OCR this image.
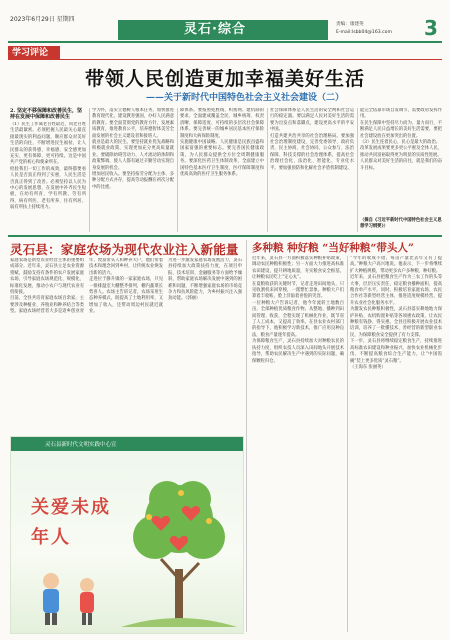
2023年6月29日 星期四
灵石·综合	责编：康建英
E-mail:lsbb04@163.com 3
学习评论
带领人民创造更加幸福美好生活
——关于新时代中国特色社会主义社会建设（二）
2. 坚定不移保障和改善民生，坚持在发展中保障和改善民生
（1）民生工作离老百姓最近，同老百姓生活最紧密。必须把握人民最关心最直接最现实的利益问题，顺应群众对美好生活的向往，不断增进民生福祉，让人民群众的获得感、幸福感、安全感更加充实、更有保障、更可持续。这是中国共产党的初心和使命所在。
检验我们一切工作的成效，最终都要看人民是否真正得到了实惠，人民生活是否真正得到了改善。必须坚持以人民为中心的发展思想，在发展中补齐民生短板，在幼有所育、学有所教、劳有所得、病有所医、老有所养、住有所居、弱有所扶上持续用力。
学为怀，落实立德树人根本任务，加快推进教育现代化，建设教育强国，办好人民满意的教育。要全面贯彻党的教育方针，发展素质教育，推进教育公平，培养德智体美劳全面发展的社会主义建设者和接班人。
就业是最大的民生。要坚持就业优先战略和积极就业政策，实现更加充分更高质量就业。要破除妨碍劳动力、人才流动的体制和政策弊端，使人人都有通过辛勤劳动实现自身发展的机会。
增加居民收入。要坚持按劳分配为主体、多种分配方式并存，提高劳动报酬在初次分配中的比重。
障体系。要按照兜底线、织密网、建机制的要求，全面建成覆盖全民、城乡统筹、权责清晰、保障适度、可持续的多层次社会保障体系。要完善统一的城乡居民基本医疗保险制度和大病保险制度。
实施健康中国战略。人民健康是民族昌盛和国家富强的重要标志。要完善国民健康政策，为人民群众提供全方位全周期健康服务。要深化医药卫生体制改革，全面建立中国特色基本医疗卫生制度、医疗保障制度和优质高效的医疗卫生服务体系。
社会保障体系是人民生活的安全网和社会运行的稳定器。要以满足人民对美好生活的需要为出发点和落脚点，建设更高水平的平安中国。
打造共建共治共享的社会治理格局。要加强社会治理制度建设，完善党委领导、政府负责、民主协商、社会协同、公众参与、法治保障、科技支撑的社会治理体系，提高社会治理社会化、法治化、智能化、专业化水平。要加强预防和化解社会矛盾机制建设。
能完全依靠市场自发调节，需要政府发挥作用。
在民生保障中坚持尽力而为、量力而行，不断满足人民日益增长的美好生活需要，要把社会建设放在更加突出的位置。
（3）民生连着民心，民心是最大的政治。
改革发展成果要更多更公平惠及全体人民，推动共同富裕取得更为明显的实质性进展。
人民群众对美好生活的向往，就是我们的奋斗目标。
（摘自《习近平新时代中国特色社会主义思想学习纲要》）
灵石县：家庭农场为现代农业注入新能量
家庭农场是新型农业经营主体的重要组成部分。近年来，灵石县立足农业资源禀赋，鼓励支持有条件的农户发展家庭农场，引导家庭农场规范化、规模化、标准化发展，推动小农户与现代农业有机衔接。
目前，全县共培育家庭农场百余家，主要涉及种植业、养殖业和种养结合等类型。家庭农场经营者大多是返乡创业青年、致富带头人和种养大户，他们带着技术和理念回到乡村，让传统农业焕发出新的活力。
走进位于静升镇的一家家庭农场，只见一排排温室大棚整齐排列，棚内蔬菜长势喜人。农场主告诉记者，农场采用生态种养模式，既提高了土地利用率，又增加了收入，还带动周边村民就近就业。
为进一步激发家庭农场发展活力，灵石县持续加大政策扶持力度，在项目申报、技术培训、金融服务等方面给予倾斜，帮助家庭农场解决发展中遇到的困难和问题，不断增强家庭农场的市场竞争力和抗风险能力，为乡村振兴注入强劲动能。（郭丽）
灵石县新时代文明实践中心宣
关爱未成年人
多种粮 种好粮 “当好种粮“带头人”
近年来，灵石县一方面积极落实种粮补贴政策，调动农民种粮积极性；另一方面大力推进高标准农田建设，提升耕地质量，夯实粮食安全根基，让种粮农民吃上“定心丸”。
在夏粮收获的关键时节，记者走进田间地头，只见收割机来回穿梭，一派繁忙景象。种粮大户们算着丰收账，脸上洋溢着喜悦的笑容。
一位种粮大户告诉记者，他今年流转土地数百亩，全部种植优质粮食作物。从整地、播种到田间管理、收获，全程实现了机械化作业，既节省了人工成本，又提高了效率。在县农业农村部门的指导下，他积极学习新技术，推广应用良种良法，粮食产量逐年提高。
为保障粮食生产，灵石县持续加大对种粮农民的扶持力度，组织农技人员深入田间地头开展技术指导，帮助农民解决生产中遇到的实际问题，确保颗粒归仓。
“今年的收成不错，每亩产量比去年又有了提高。”种粮大户高兴地说。他表示，下一步将继续扩大种植规模，带动更多农户多种粮、种好粮。
近年来，灵石县把粮食生产作为三农工作的头等大事，层层压实责任，稳定粮食播种面积，提高粮食单产水平。同时，积极培育家庭农场、农民合作社等新型经营主体，推进适度规模经营，提升农业社会化服务水平。
为激发农民种粮积极性，灵石县落实耕地地力保护补贴、农机购置补贴等各项惠农政策，让农民种粮有钱挣、得实惠。全县还积极开展农业技术培训，培养了一批懂技术、善经营的新型职业农民，为保障粮食安全提供了有力支撑。
下一步，灵石县将继续稳定粮食生产，持续推进高标准农田建设和种业振兴，加快农业机械化步伐，不断提高粮食综合生产能力，让“中国饭碗”装上更多优质“灵石粮”。
（王海东 张丽英）
